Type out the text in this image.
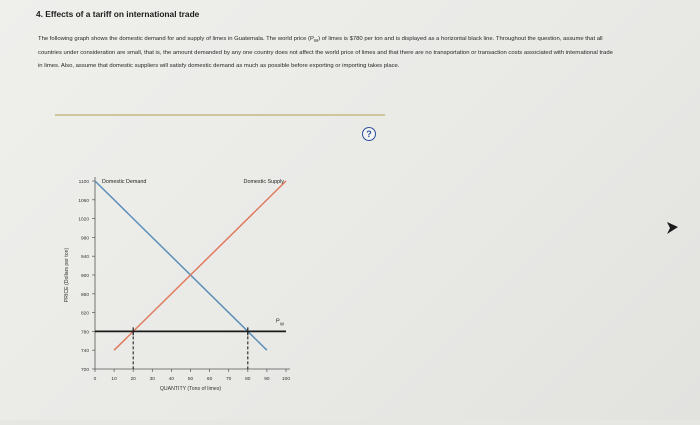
4. Effects of a tariff on international trade
The following graph shows the domestic demand for and supply of limes in Guatemala. The world price $(P_W)$ of limes is $780 per ton and is displayed as a horizontal black line. Throughout the question, assume that all countries under consideration are small, that is, the amount demanded by any one country does not affect the world price of limes and that there are no transportation or transaction costs associated with international trade in limes. Also, assume that domestic suppliers will satisfy domestic demand as much as possible before exporting or importing takes place.
700
740
780
820
860
900
940
980
1020
1060
1100
0	10	20	30	40	50	60	70	80	90	100
PRICE (Dollars per ton)
QUANTITY (Tons of limes)
Domestic Demand	Domestic Supply
P W
?
